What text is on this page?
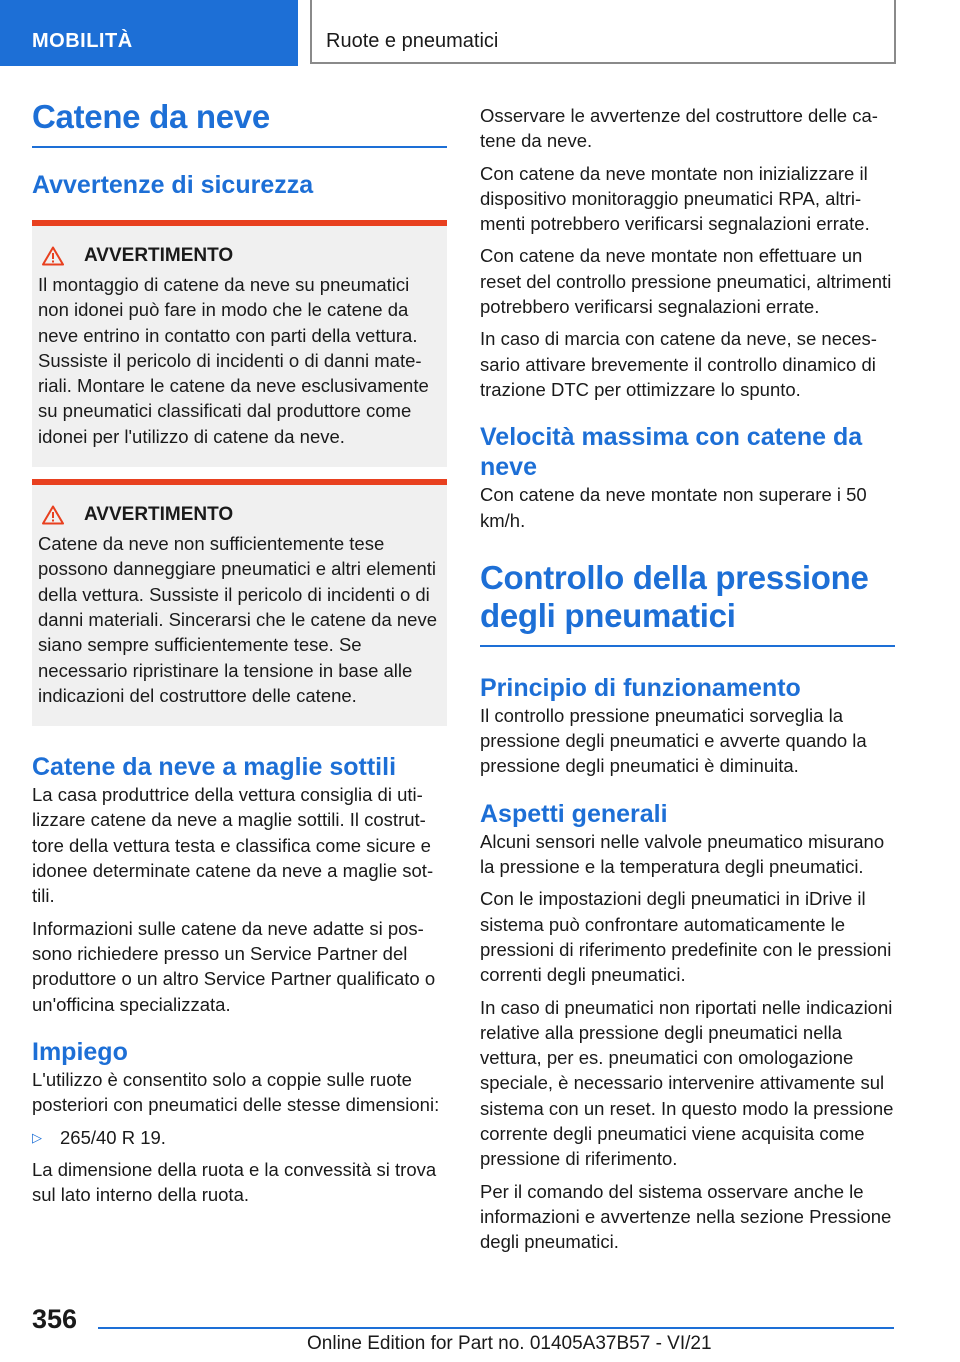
MOBILITÀ	Ruote e pneumatici
Catene da neve
Avvertenze di sicurezza
AVVERTIMENTO

Il montaggio di catene da neve su pneumatici non idonei può fare in modo che le catene da neve entrino in contatto con parti della vettura. Sussiste il pericolo di incidenti o di danni materiali. Montare le catene da neve esclusivamente su pneumatici classificati dal produttore come idonei per l'utilizzo di catene da neve.

AVVERTIMENTO

Catene da neve non sufficientemente tese possono danneggiare pneumatici e altri elementi della vettura. Sussiste il pericolo di incidenti o di danni materiali. Sincerarsi che le catene da neve siano sempre sufficientemente tese. Se necessario ripristinare la tensione in base alle indicazioni del costruttore delle catene.

Catene da neve a maglie sottili

La casa produttrice della vettura consiglia di utilizzare catene da neve a maglie sottili. Il costruttore della vettura testa e classifica come sicure e idonee determinate catene da neve a maglie sottili.

Informazioni sulle catene da neve adatte si possono richiedere presso un Service Partner del produttore o un altro Service Partner qualificato o un'officina specializzata.

Impiego

L'utilizzo è consentito solo a coppie sulle ruote posteriori con pneumatici delle stesse dimensioni:

▷ 265/40 R 19.

La dimensione della ruota e la convessità si trova sul lato interno della ruota.

Osservare le avvertenze del costruttore delle catene da neve.

Con catene da neve montate non inizializzare il dispositivo monitoraggio pneumatici RPA, altrimenti potrebbero verificarsi segnalazioni errate.

Con catene da neve montate non effettuare un reset del controllo pressione pneumatici, altrimenti potrebbero verificarsi segnalazioni errate.

In caso di marcia con catene da neve, se necessario attivare brevemente il controllo dinamico di trazione DTC per ottimizzare lo spunto.

Velocità massima con catene da neve

Con catene da neve montate non superare i 50 km/h.

Controllo della pressione degli pneumatici
Principio di funzionamento

Il controllo pressione pneumatici sorveglia la pressione degli pneumatici e avverte quando la pressione degli pneumatici è diminuita.

Aspetti generali

Alcuni sensori nelle valvole pneumatico misurano la pressione e la temperatura degli pneumatici.

Con le impostazioni degli pneumatici in iDrive il sistema può confrontare automaticamente le pressioni di riferimento predefinite con le pressioni correnti degli pneumatici.

In caso di pneumatici non riportati nelle indicazioni relative alla pressione degli pneumatici nella vettura, per es. pneumatici con omologazione speciale, è necessario intervenire attivamente sul sistema con un reset. In questo modo la pressione corrente degli pneumatici viene acquisita come pressione di riferimento.

Per il comando del sistema osservare anche le informazioni e avvertenze nella sezione Pressione degli pneumatici.

356
Online Edition for Part no. 01405A37B57 - VI/21
